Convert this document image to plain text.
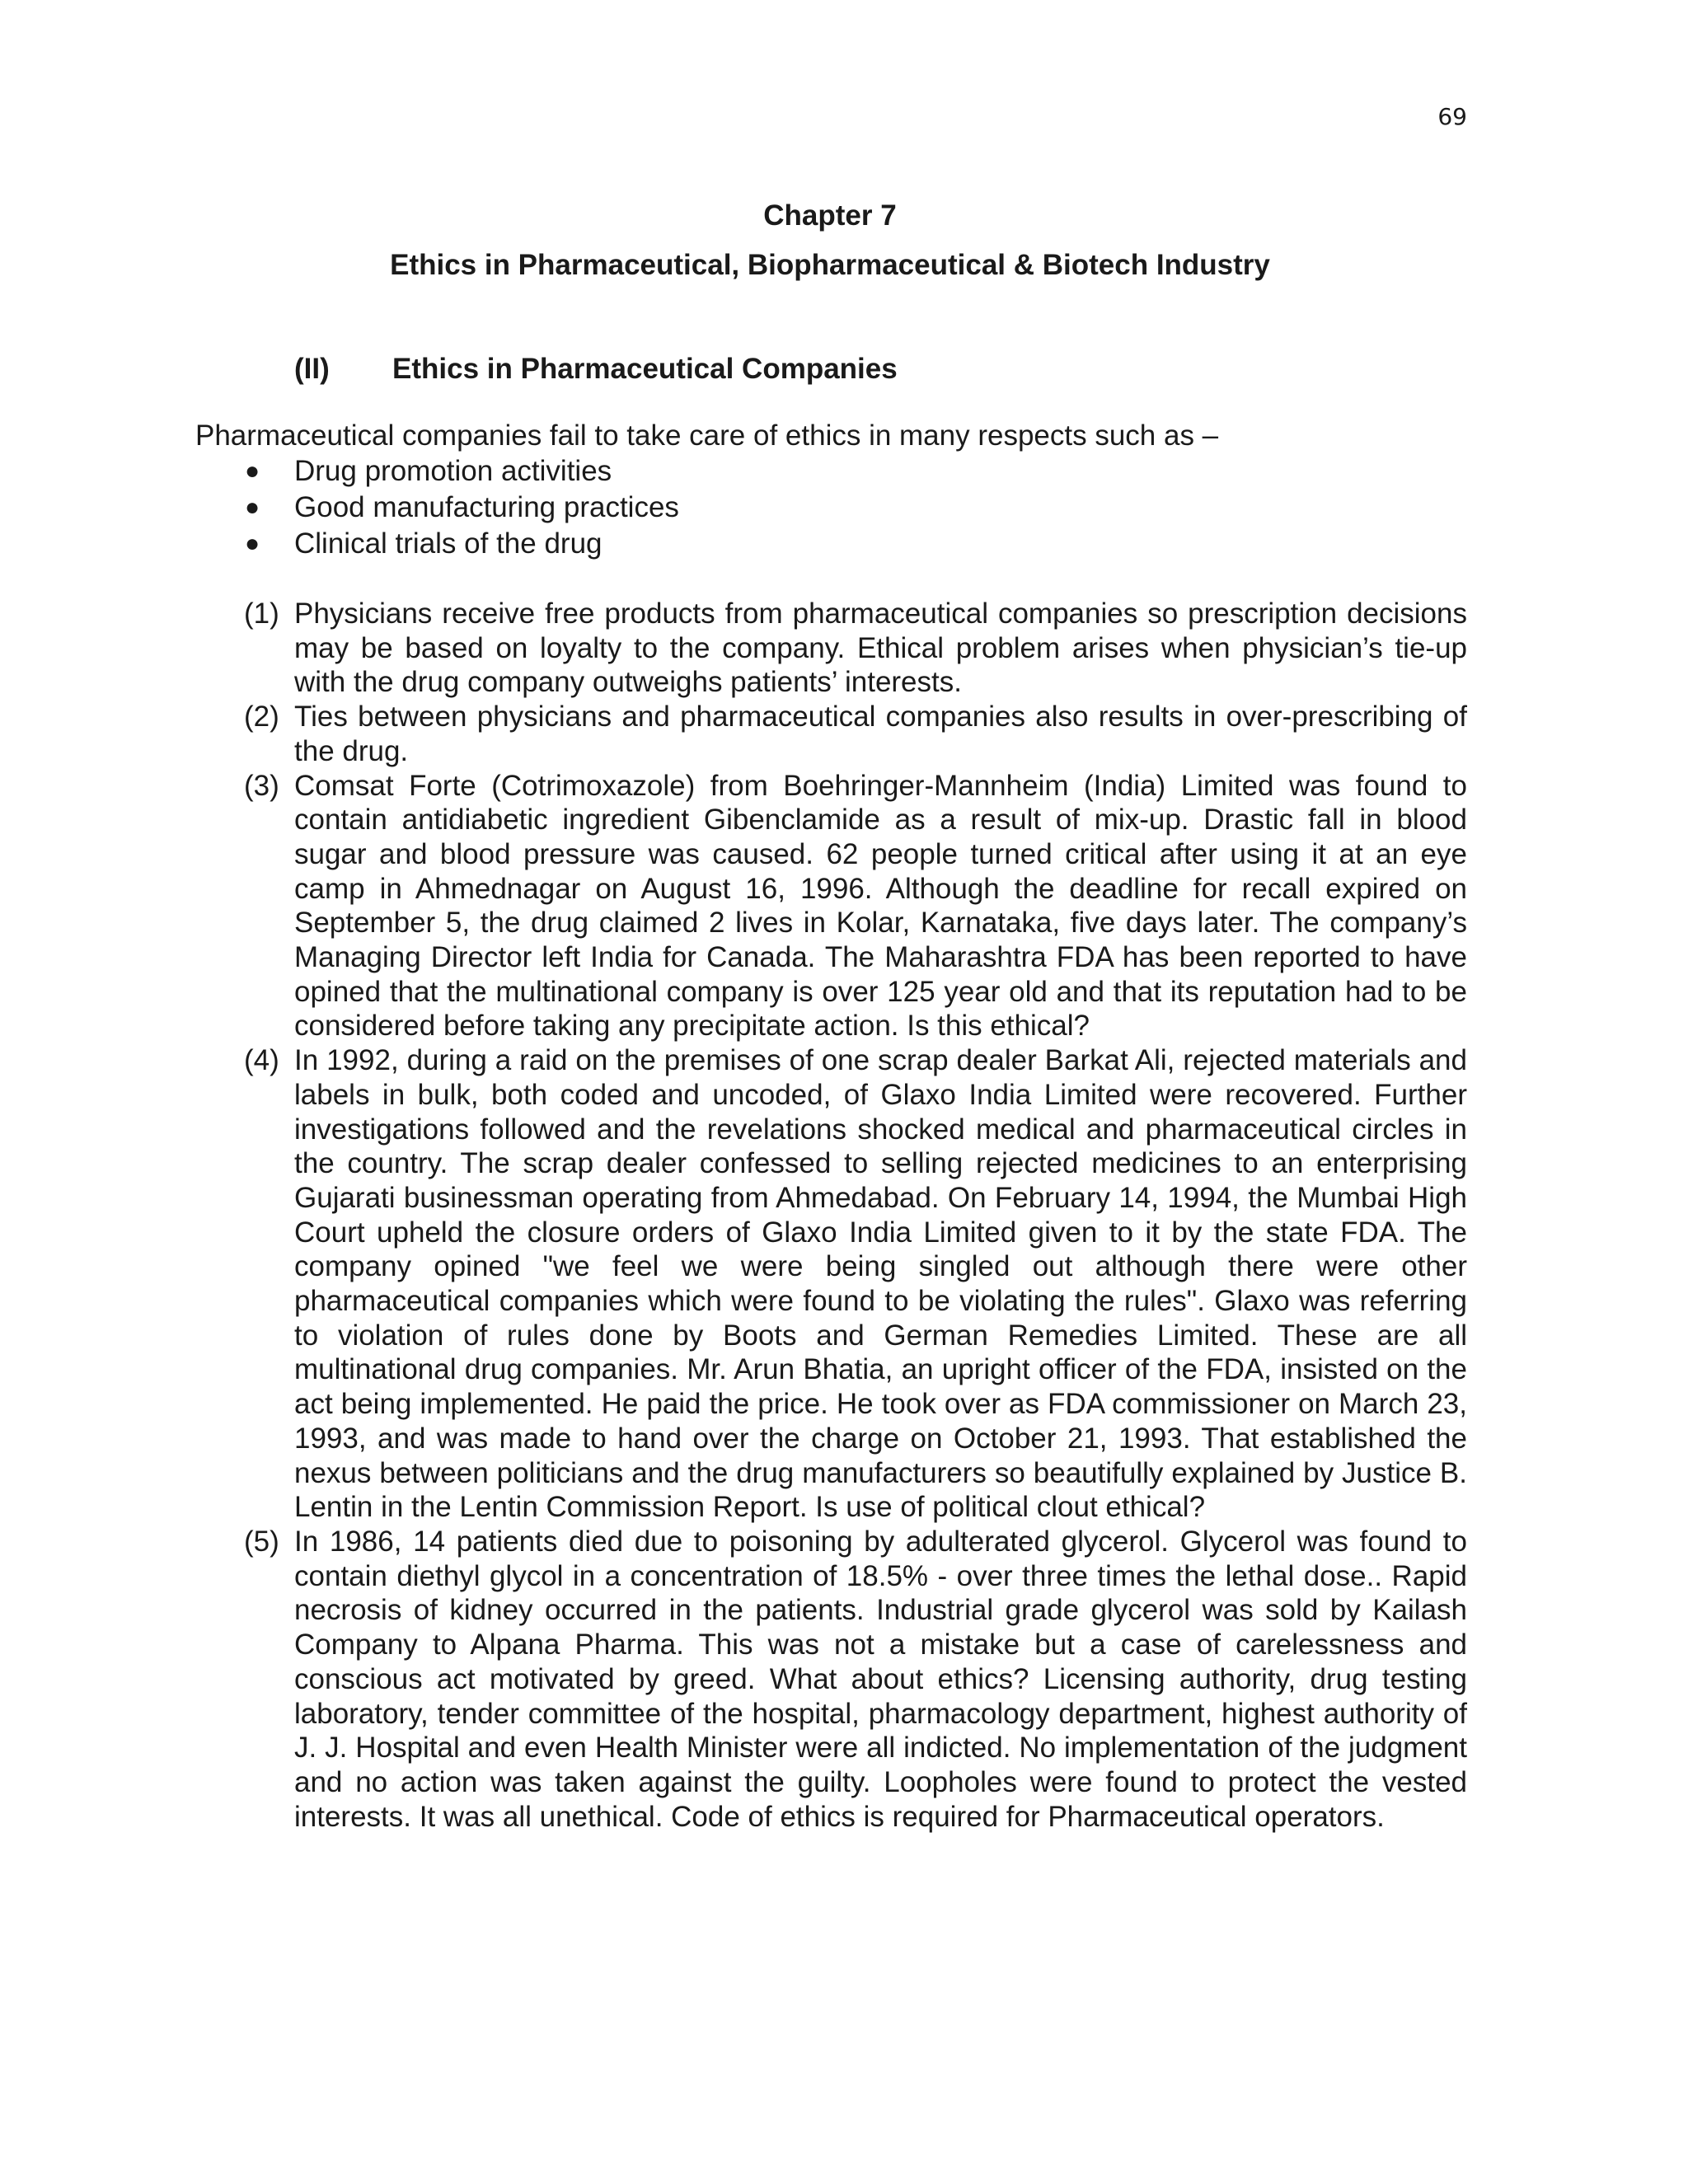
69
Chapter 7
Ethics in Pharmaceutical, Biopharmaceutical & Biotech Industry
(II) Ethics in Pharmaceutical Companies

Pharmaceutical companies fail to take care of ethics in many respects such as –

● Drug promotion activities
● Good manufacturing practices
● Clinical trials of the drug
(1) Physicians receive free products from pharmaceutical companies so prescription decisions may be based on loyalty to the company. Ethical problem arises when physician’s tie-up with the drug company outweighs patients’ interests.
(2) Ties between physicians and pharmaceutical companies also results in over-prescribing of the drug.
(3) Comsat Forte (Cotrimoxazole) from Boehringer-Mannheim (India) Limited was found to contain antidiabetic ingredient Gibenclamide as a result of mix-up. Drastic fall in blood sugar and blood pressure was caused. 62 people turned critical after using it at an eye camp in Ahmednagar on August 16, 1996. Although the deadline for recall expired on September 5, the drug claimed 2 lives in Kolar, Karnataka, five days later. The company’s Managing Director left India for Canada. The Maharashtra FDA has been reported to have opined that the multinational company is over 125 year old and that its reputation had to be considered before taking any precipitate action. Is this ethical?
(4) In 1992, during a raid on the premises of one scrap dealer Barkat Ali, rejected materials and labels in bulk, both coded and uncoded, of Glaxo India Limited were recovered. Further investigations followed and the revelations shocked medical and pharmaceutical circles in the country. The scrap dealer confessed to selling rejected medicines to an enterprising Gujarati businessman operating from Ahmedabad. On February 14, 1994, the Mumbai High Court upheld the closure orders of Glaxo India Limited given to it by the state FDA. The company opined "we feel we were being singled out although there were other pharmaceutical companies which were found to be violating the rules". Glaxo was referring to violation of rules done by Boots and German Remedies Limited. These are all multinational drug companies. Mr. Arun Bhatia, an upright officer of the FDA, insisted on the act being implemented. He paid the price. He took over as FDA commissioner on March 23, 1993, and was made to hand over the charge on October 21, 1993. That established the nexus between politicians and the drug manufacturers so beautifully explained by Justice B. Lentin in the Lentin Commission Report. Is use of political clout ethical?
(5) In 1986, 14 patients died due to poisoning by adulterated glycerol. Glycerol was found to contain diethyl glycol in a concentration of 18.5% - over three times the lethal dose.. Rapid necrosis of kidney occurred in the patients. Industrial grade glycerol was sold by Kailash Company to Alpana Pharma. This was not a mistake but a case of carelessness and conscious act motivated by greed. What about ethics? Licensing authority, drug testing laboratory, tender committee of the hospital, pharmacology department, highest authority of J. J. Hospital and even Health Minister were all indicted. No implementation of the judgment and no action was taken against the guilty. Loopholes were found to protect the vested interests. It was all unethical. Code of ethics is required for Pharmaceutical operators.
